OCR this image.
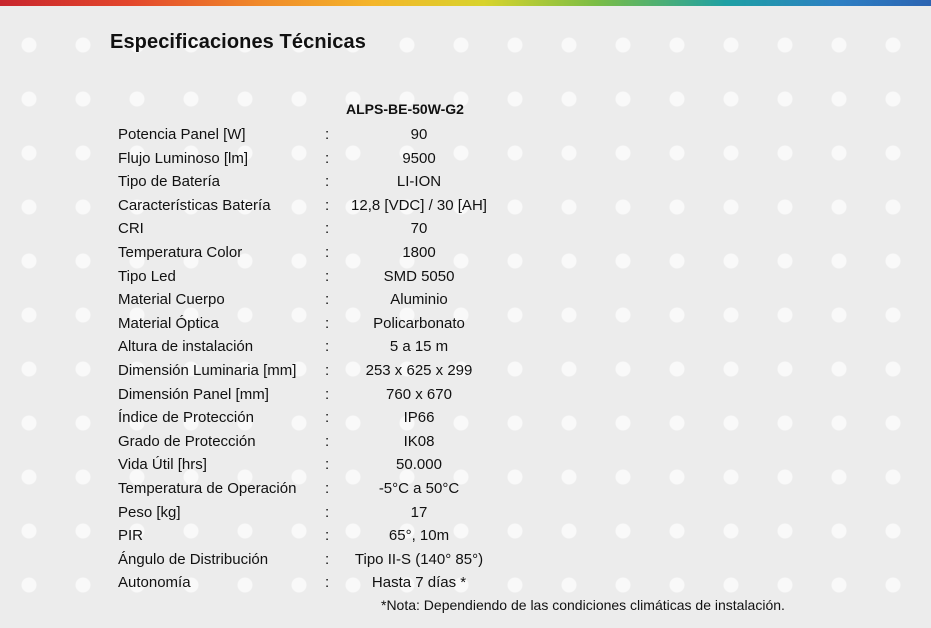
Especificaciones Técnicas
ALPS-BE-50W-G2
Potencia Panel [W]	:	90
Flujo Luminoso [lm]	:	9500
Tipo de Batería	:	LI-ION
Características Batería	:	12,8 [VDC] / 30 [AH]
CRI	:	70
Temperatura Color	:	1800
Tipo Led	:	SMD 5050
Material Cuerpo	:	Aluminio
Material Óptica	:	Policarbonato
Altura de instalación	:	5 a 15 m
Dimensión Luminaria [mm] :	253 x 625 x 299
Dimensión Panel [mm]	:	760 x 670
Índice de Protección	:	IP66
Grado de Protección	:	IK08
Vida Útil [hrs]	:	50.000
Temperatura de Operación :	-5°C a 50°C
Peso [kg]	:	17
PIR	:	65°, 10m
Ángulo de Distribución	:	Tipo II-S (140° 85°)
Autonomía	:	Hasta 7 días *
*Nota: Dependiendo de las condiciones climáticas de instalación.
